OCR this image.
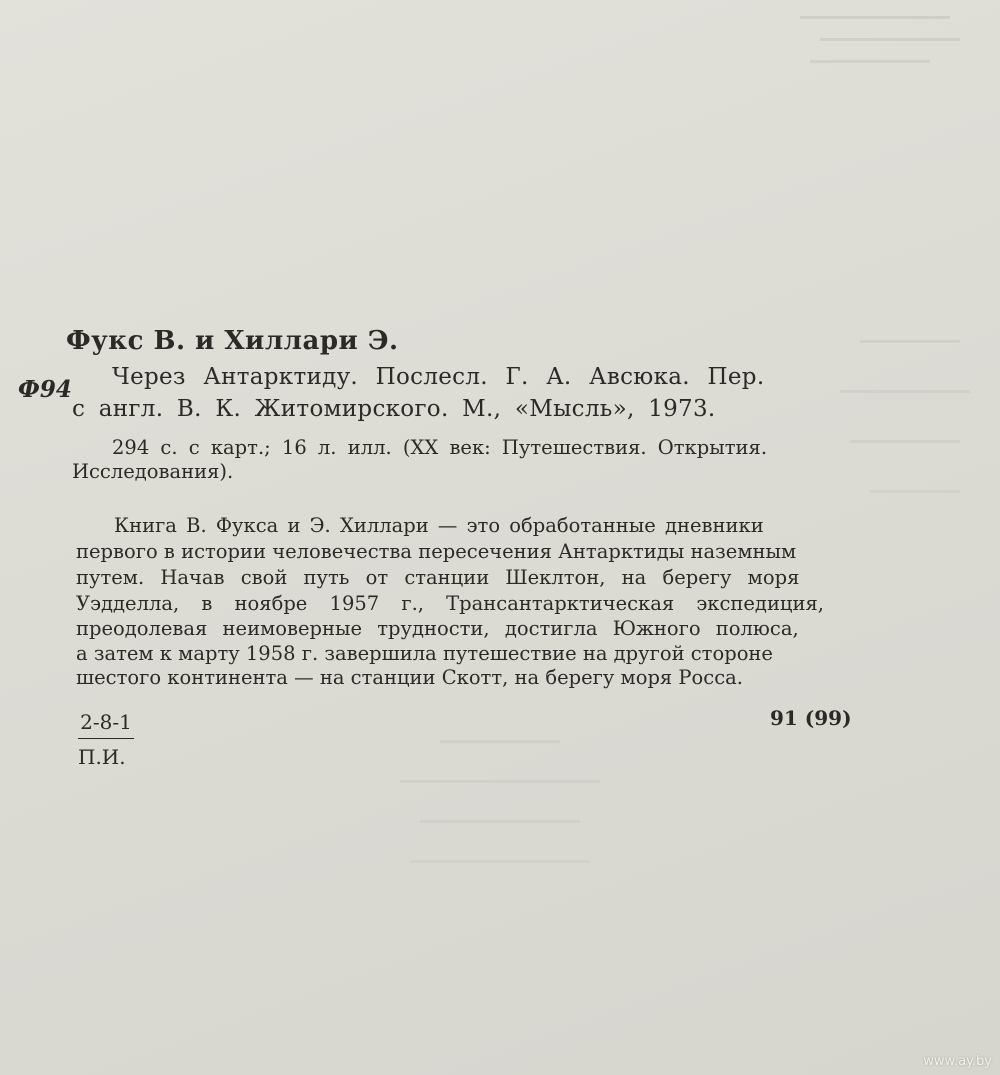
Фукс В. и Хиллари Э.
Ф94 Через Антарктиду. Послесл. Г. А. Авсюка. Пер.
с англ. В. К. Житомирского. М., «Мысль», 1973.
294 с. с карт.; 16 л. илл. (XX век: Путешествия. Открытия.
Исследования).
Книга В. Фукса и Э. Хиллари — это обработанные дневники
первого в истории человечества пересечения Антарктиды наземным
путем. Начав свой путь от станции Шеклтон, на берегу моря
Уэдделла, в ноябре 1957 г., Трансантарктическая экспедиция,
преодолевая неимоверные трудности, достигла Южного полюса,
а затем к марту 1958 г. завершила путешествие на другой стороне
шестого континента — на станции Скотт, на берегу моря Росса.
2-8-1
П.И.
91 (99)
www.ay.by
